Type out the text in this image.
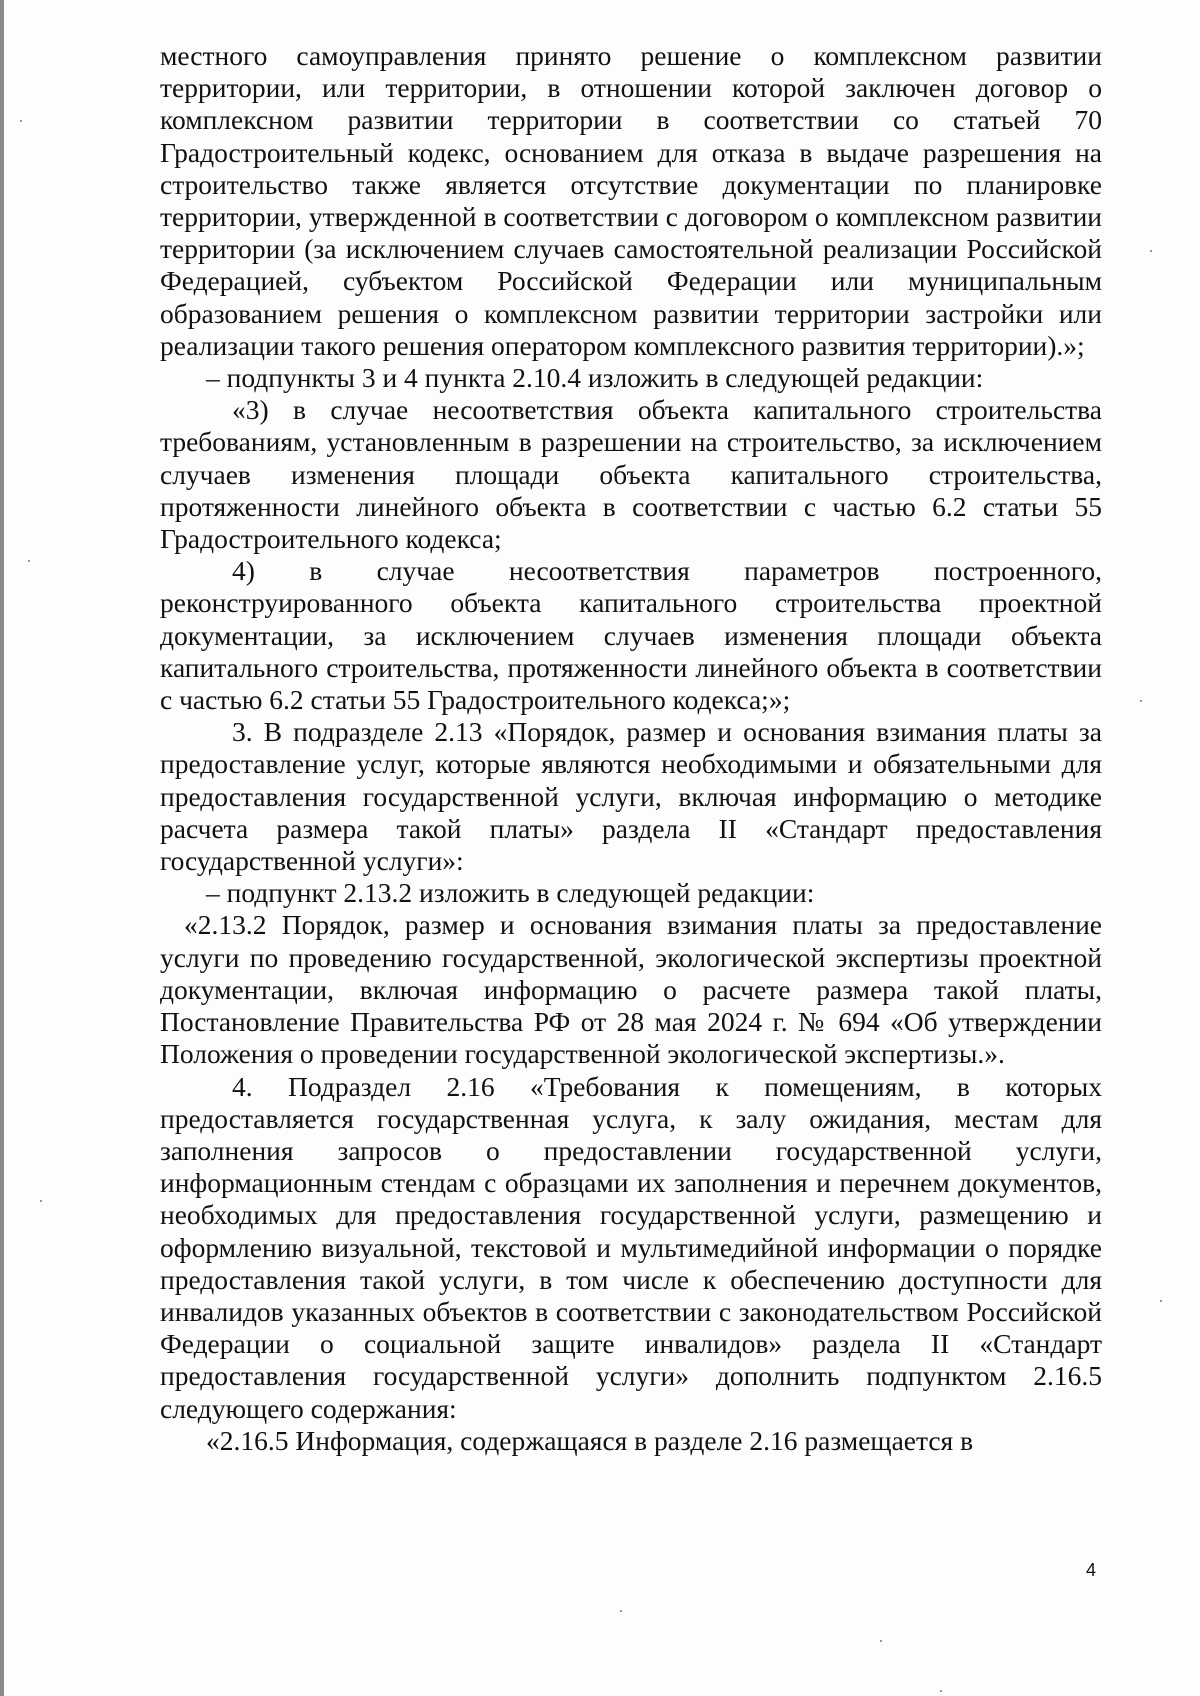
местного самоуправления принято решение о комплексном развитии территории, или территории, в отношении которой заключен договор о комплексном развитии территории в соответствии со статьей 70 Градостроительный кодекс, основанием для отказа в выдаче разрешения на строительство также является отсутствие документации по планировке территории, утвержденной в соответствии с договором о комплексном развитии территории (за исключением случаев самостоятельной реализации Российской Федерацией, субъектом Российской Федерации или муниципальным образованием решения о комплексном развитии территории застройки или реализации такого решения оператором комплексного развития территории).»;

– подпункты 3 и 4 пункта 2.10.4 изложить в следующей редакции:

«3) в случае несоответствия объекта капитального строительства требованиям, установленным в разрешении на строительство, за исключением случаев изменения площади объекта капитального строительства, протяженности линейного объекта в соответствии с частью 6.2 статьи 55 Градостроительного кодекса;

4) в случае несоответствия параметров построенного, реконструированного объекта капитального строительства проектной документации, за исключением случаев изменения площади объекта капитального строительства, протяженности линейного объекта в соответствии с частью 6.2 статьи 55 Градостроительного кодекса;»;

3. В подразделе 2.13 «Порядок, размер и основания взимания платы за предоставление услуг, которые являются необходимыми и обязательными для предоставления государственной услуги, включая информацию о методике расчета размера такой платы» раздела II «Стандарт предоставления государственной услуги»:

– подпункт 2.13.2 изложить в следующей редакции:

«2.13.2 Порядок, размер и основания взимания платы за предоставление услуги по проведению государственной, экологической экспертизы проектной документации, включая информацию о расчете размера такой платы, Постановление Правительства РФ от 28 мая 2024 г. № 694 «Об утверждении Положения о проведении государственной экологической экспертизы.».

4. Подраздел 2.16 «Требования к помещениям, в которых предоставляется государственная услуга, к залу ожидания, местам для заполнения запросов о предоставлении государственной услуги, информационным стендам с образцами их заполнения и перечнем документов, необходимых для предоставления государственной услуги, размещению и оформлению визуальной, текстовой и мультимедийной информации о порядке предоставления такой услуги, в том числе к обеспечению доступности для инвалидов указанных объектов в соответствии с законодательством Российской Федерации о социальной защите инвалидов» раздела II «Стандарт предоставления государственной услуги» дополнить подпунктом 2.16.5 следующего содержания:

«2.16.5 Информация, содержащаяся в разделе 2.16 размещается в

4
